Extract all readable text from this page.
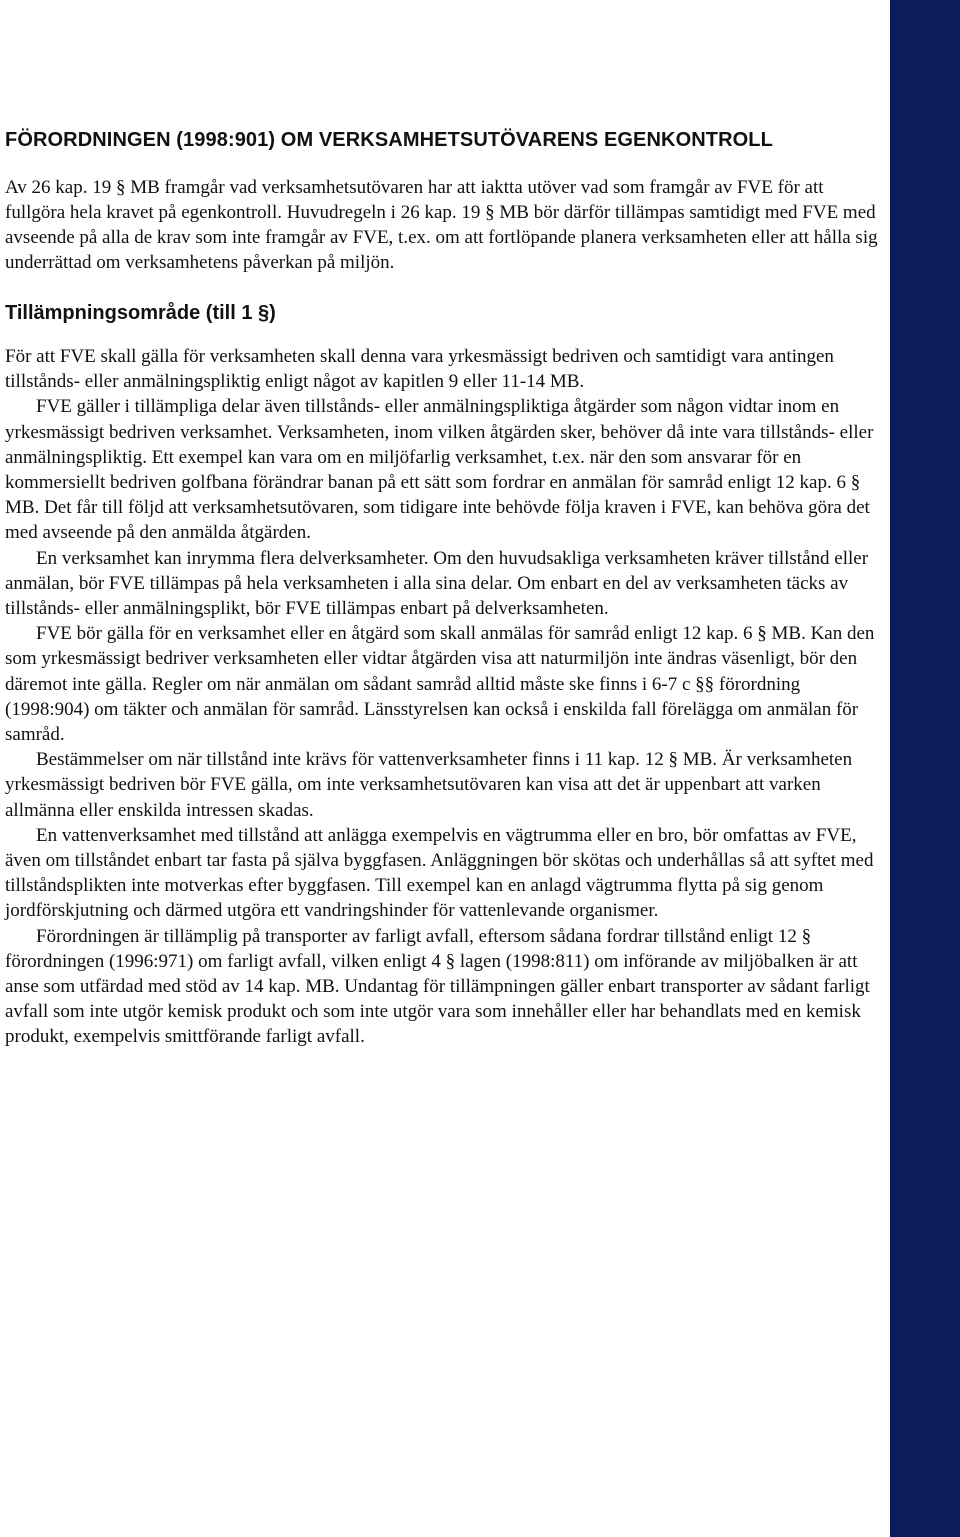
FÖRORDNINGEN (1998:901) OM VERKSAMHETSUTÖVARENS EGENKONTROLL

Av 26 kap. 19 § MB framgår vad verksamhetsutövaren har att iaktta utöver vad som framgår av FVE för att fullgöra hela kravet på egenkontroll. Huvudregeln i 26 kap. 19 § MB bör därför tillämpas samtidigt med FVE med avseende på alla de krav som inte framgår av FVE, t.ex. om att fortlöpande planera verksamheten eller att hålla sig underrättad om verksamhetens påverkan på miljön.

Tillämpningsområde (till 1 §)

För att FVE skall gälla för verksamheten skall denna vara yrkesmässigt bedriven och samtidigt vara antingen tillstånds- eller anmälningspliktig enligt något av kapitlen 9 eller 11-14 MB.

FVE gäller i tillämpliga delar även tillstånds- eller anmälningspliktiga åtgärder som någon vidtar inom en yrkesmässigt bedriven verksamhet. Verksamheten, inom vilken åtgärden sker, behöver då inte vara tillstånds- eller anmälningspliktig. Ett exempel kan vara om en miljöfarlig verksamhet, t.ex. när den som ansvarar för en kommersiellt bedriven golfbana förändrar banan på ett sätt som fordrar en anmälan för samråd enligt 12 kap. 6 § MB. Det får till följd att verksamhetsutövaren, som tidigare inte behövde följa kraven i FVE, kan behöva göra det med avseende på den anmälda åtgärden.

En verksamhet kan inrymma flera delverksamheter. Om den huvudsakliga verksamheten kräver tillstånd eller anmälan, bör FVE tillämpas på hela verksamheten i alla sina delar. Om enbart en del av verksamheten täcks av tillstånds- eller anmälningsplikt, bör FVE tillämpas enbart på delverksamheten.

FVE bör gälla för en verksamhet eller en åtgärd som skall anmälas för samråd enligt 12 kap. 6 § MB. Kan den som yrkesmässigt bedriver verksamheten eller vidtar åtgärden visa att naturmiljön inte ändras väsenligt, bör den däremot inte gälla. Regler om när anmälan om sådant samråd alltid måste ske finns i 6-7 c §§ förordning (1998:904) om täkter och anmälan för samråd. Länsstyrelsen kan också i enskilda fall förelägga om anmälan för samråd.

Bestämmelser om när tillstånd inte krävs för vattenverksamheter finns i 11 kap. 12 § MB. Är verksamheten yrkesmässigt bedriven bör FVE gälla, om inte verksamhetsutövaren kan visa att det är uppenbart att varken allmänna eller enskilda intressen skadas.

En vattenverksamhet med tillstånd att anlägga exempelvis en vägtrumma eller en bro, bör omfattas av FVE, även om tillståndet enbart tar fasta på själva byggfasen. Anläggningen bör skötas och underhållas så att syftet med tillståndsplikten inte motverkas efter byggfasen. Till exempel kan en anlagd vägtrumma flytta på sig genom jordförskjutning och därmed utgöra ett vandringshinder för vattenlevande organismer.

Förordningen är tillämplig på transporter av farligt avfall, eftersom sådana fordrar tillstånd enligt 12 § förordningen (1996:971) om farligt avfall, vilken enligt 4 § lagen (1998:811) om införande av miljöbalken är att anse som utfärdad med stöd av 14 kap. MB. Undantag för tillämpningen gäller enbart transporter av sådant farligt avfall som inte utgör kemisk produkt och som inte utgör vara som innehåller eller har behandlats med en kemisk produkt, exempelvis smittförande farligt avfall.
